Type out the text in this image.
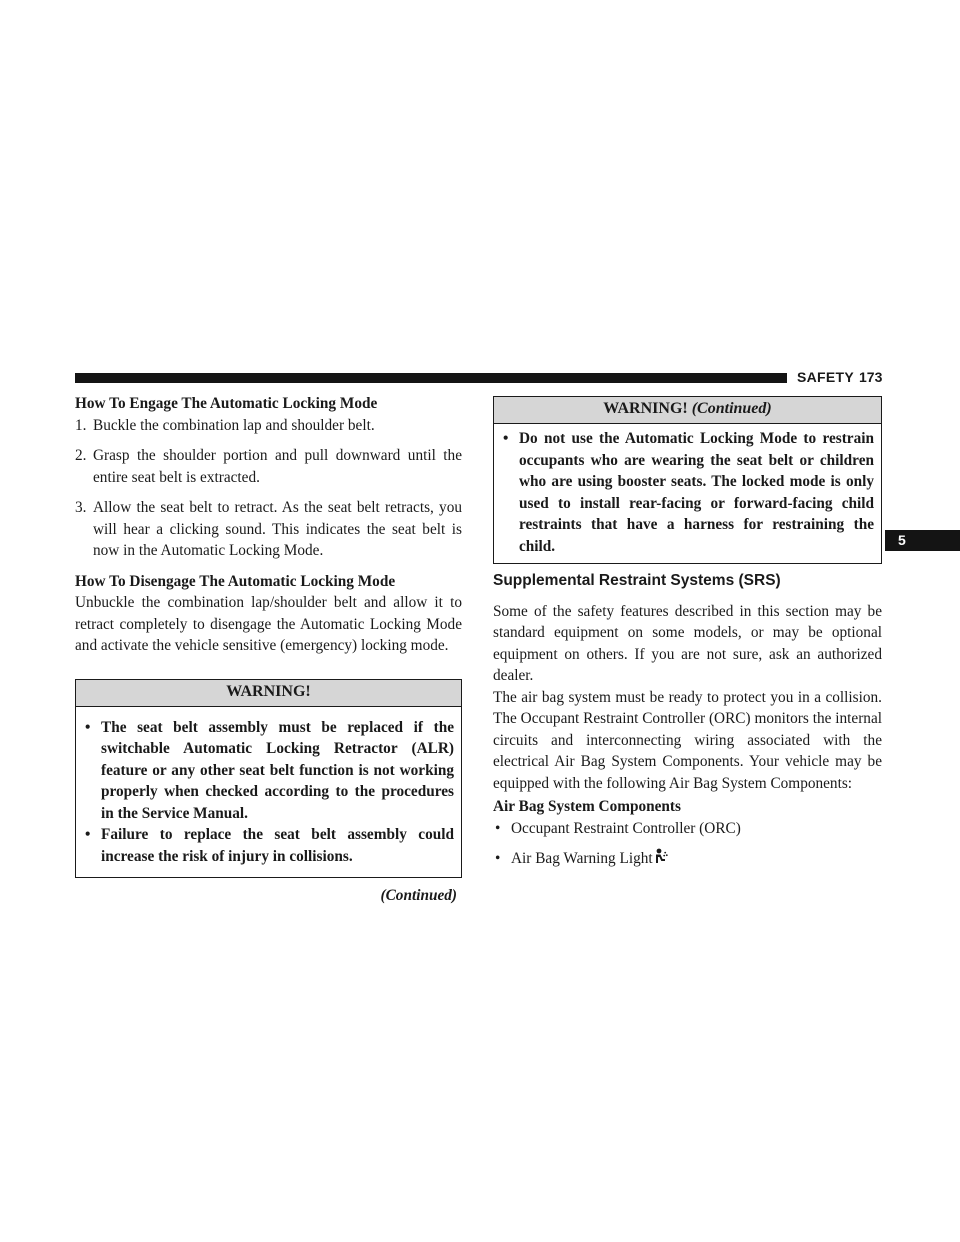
SAFETY 173
5

How To Engage The Automatic Locking Mode

1. Buckle the combination lap and shoulder belt.
2. Grasp the shoulder portion and pull downward until the entire seat belt is extracted.
3. Allow the seat belt to retract. As the seat belt retracts, you will hear a clicking sound. This indicates the seat belt is now in the Automatic Locking Mode.

How To Disengage The Automatic Locking Mode

Unbuckle the combination lap/shoulder belt and allow it to retract completely to disengage the Automatic Locking Mode and activate the vehicle sensitive (emergency) locking mode.

WARNING!
• The seat belt assembly must be replaced if the switchable Automatic Locking Retractor (ALR) feature or any other seat belt function is not working properly when checked according to the procedures in the Service Manual.
• Failure to replace the seat belt assembly could increase the risk of injury in collisions.
(Continued)
WARNING! (Continued)
• Do not use the Automatic Locking Mode to restrain occupants who are wearing the seat belt or children who are using booster seats. The locked mode is only used to install rear-facing or forward-facing child restraints that have a harness for restraining the child.
Supplemental Restraint Systems (SRS)

Some of the safety features described in this section may be standard equipment on some models, or may be optional equipment on others. If you are not sure, ask an authorized dealer.

The air bag system must be ready to protect you in a collision. The Occupant Restraint Controller (ORC) monitors the internal circuits and interconnecting wiring associated with the electrical Air Bag System Components. Your vehicle may be equipped with the following Air Bag System Components:

Air Bag System Components

• Occupant Restraint Controller (ORC)
• Air Bag Warning Light
